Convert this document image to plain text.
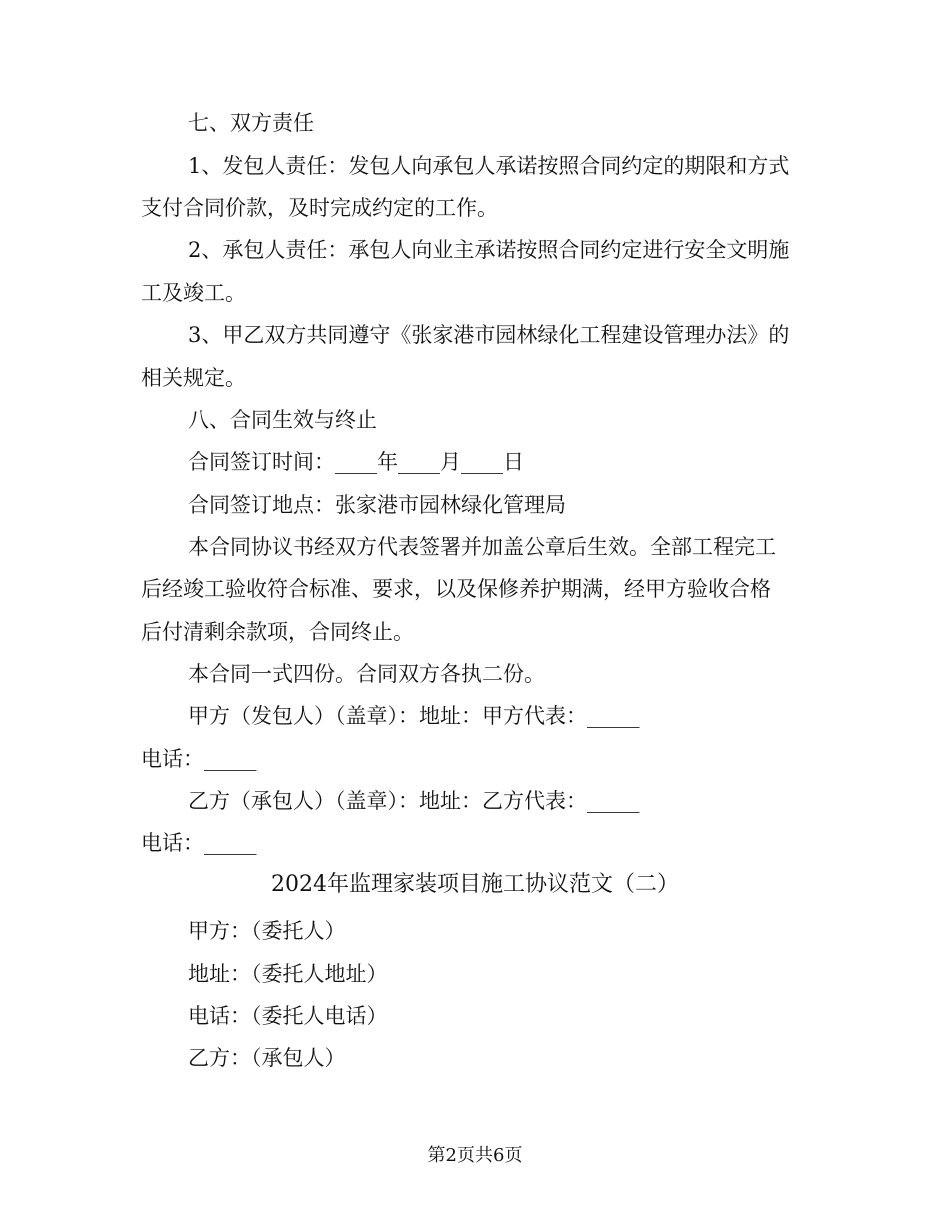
七、双方责任
1、发包人责任：发包人向承包人承诺按照合同约定的期限和方式
支付合同价款，及时完成约定的工作。
2、承包人责任：承包人向业主承诺按照合同约定进行安全文明施
工及竣工。
3、甲乙双方共同遵守《张家港市园林绿化工程建设管理办法》的
相关规定。
八、合同生效与终止
合同签订时间：____年____月____日
合同签订地点：张家港市园林绿化管理局
本合同协议书经双方代表签署并加盖公章后生效。全部工程完工
后经竣工验收符合标准、要求，以及保修养护期满，经甲方验收合格
后付清剩余款项，合同终止。
本合同一式四份。合同双方各执二份。
甲方（发包人）（盖章）：地址：甲方代表：_____
电话：_____
乙方（承包人）（盖章）：地址：乙方代表：_____
电话：_____
2024年监理家装项目施工协议范文（二）
甲方：（委托人）
地址：（委托人地址）
电话：（委托人电话）
乙方：（承包人）
第2页共6页
